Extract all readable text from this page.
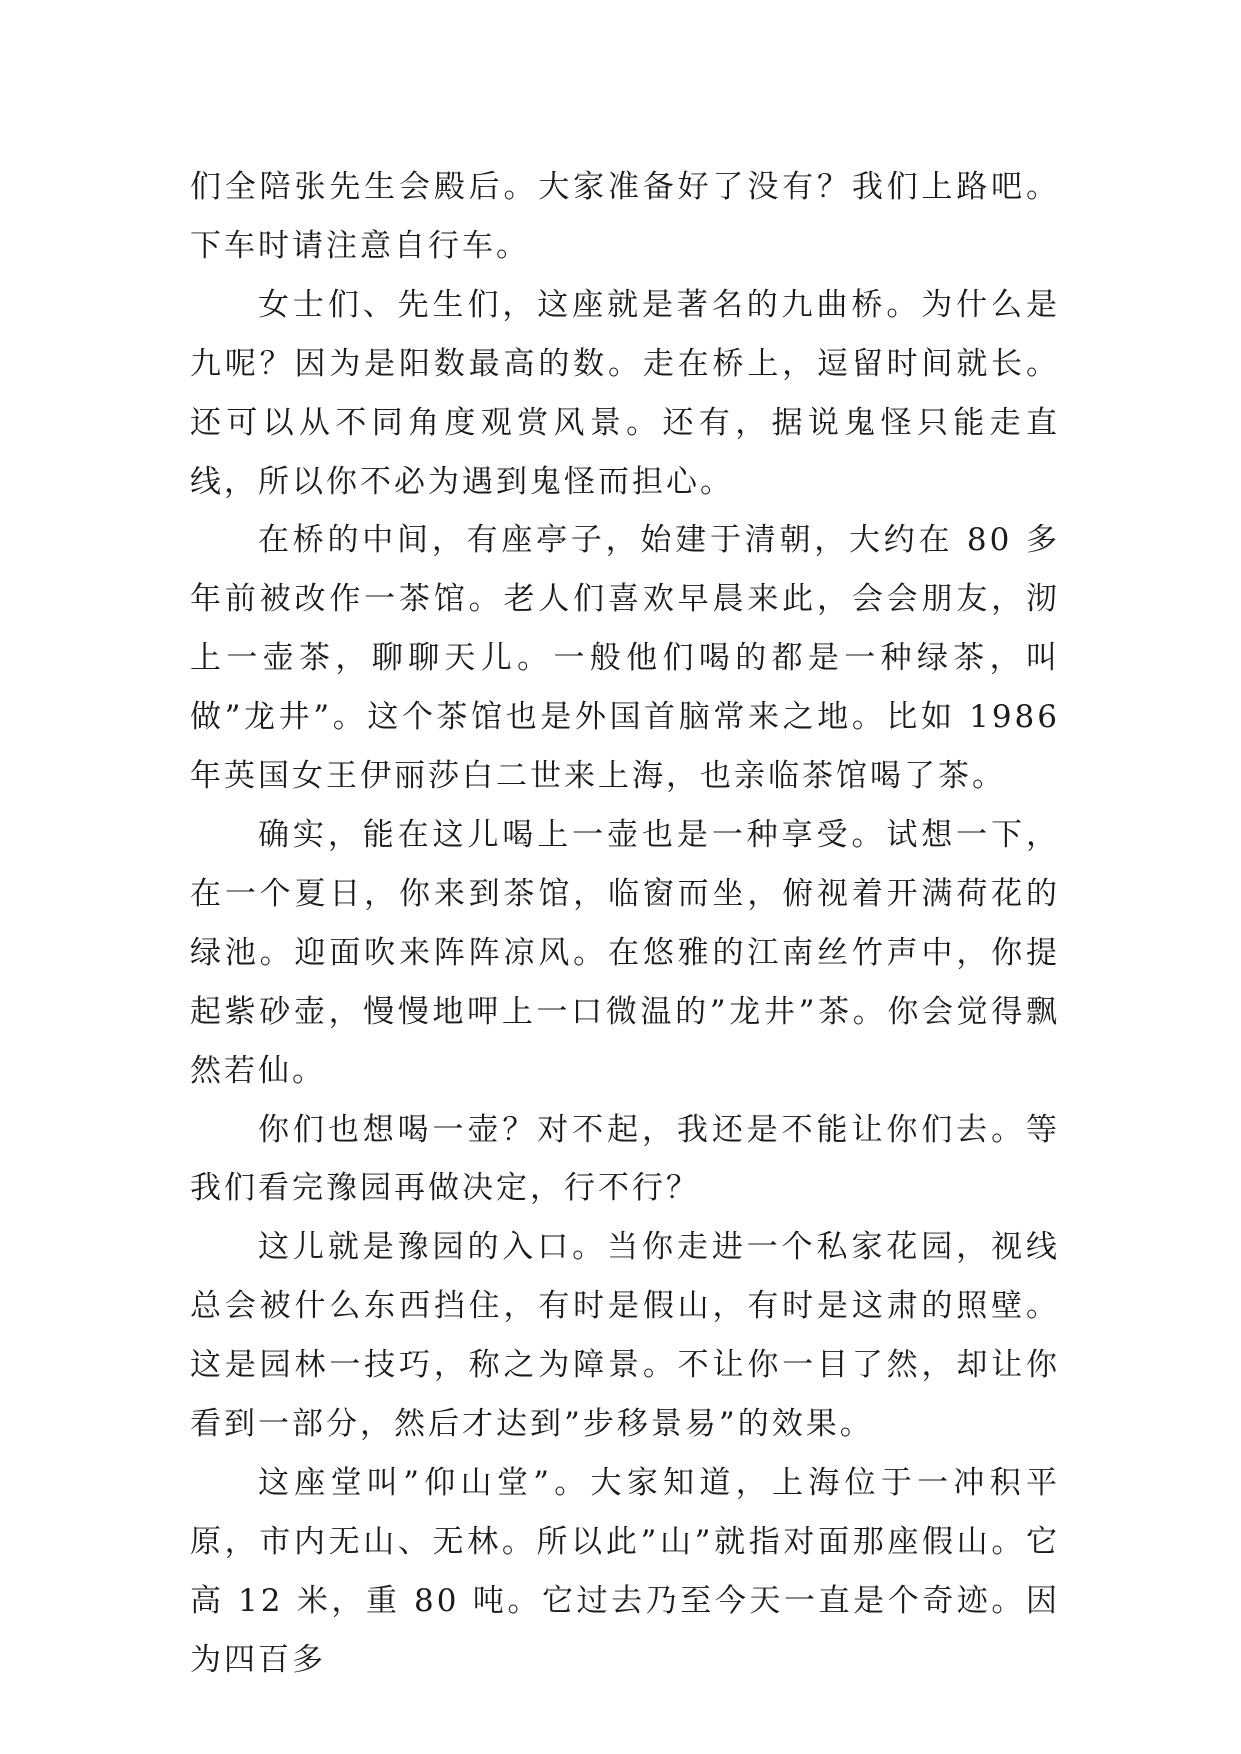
们全陪张先生会殿后。大家准备好了没有？我们上路吧。下车时请注意自行车。

女士们、先生们，这座就是著名的九曲桥。为什么是九呢？因为是阳数最高的数。走在桥上，逗留时间就长。还可以从不同角度观赏风景。还有，据说鬼怪只能走直线，所以你不必为遇到鬼怪而担心。

在桥的中间，有座亭子，始建于清朝，大约在 80 多年前被改作一茶馆。老人们喜欢早晨来此，会会朋友，沏上一壶茶，聊聊天儿。一般他们喝的都是一种绿茶，叫做”龙井”。这个茶馆也是外国首脑常来之地。比如 1986 年英国女王伊丽莎白二世来上海，也亲临茶馆喝了茶。

确实，能在这儿喝上一壶也是一种享受。试想一下，在一个夏日，你来到茶馆，临窗而坐，俯视着开满荷花的绿池。迎面吹来阵阵凉风。在悠雅的江南丝竹声中，你提起紫砂壶，慢慢地呷上一口微温的”龙井”茶。你会觉得飘然若仙。

你们也想喝一壶？对不起，我还是不能让你们去。等我们看完豫园再做决定，行不行？

这儿就是豫园的入口。当你走进一个私家花园，视线总会被什么东西挡住，有时是假山，有时是这肃的照壁。这是园林一技巧，称之为障景。不让你一目了然，却让你看到一部分，然后才达到”步移景易”的效果。

这座堂叫”仰山堂”。大家知道，上海位于一冲积平原，市内无山、无林。所以此”山”就指对面那座假山。它高 12 米，重 80 吨。它过去乃至今天一直是个奇迹。因为四百多
